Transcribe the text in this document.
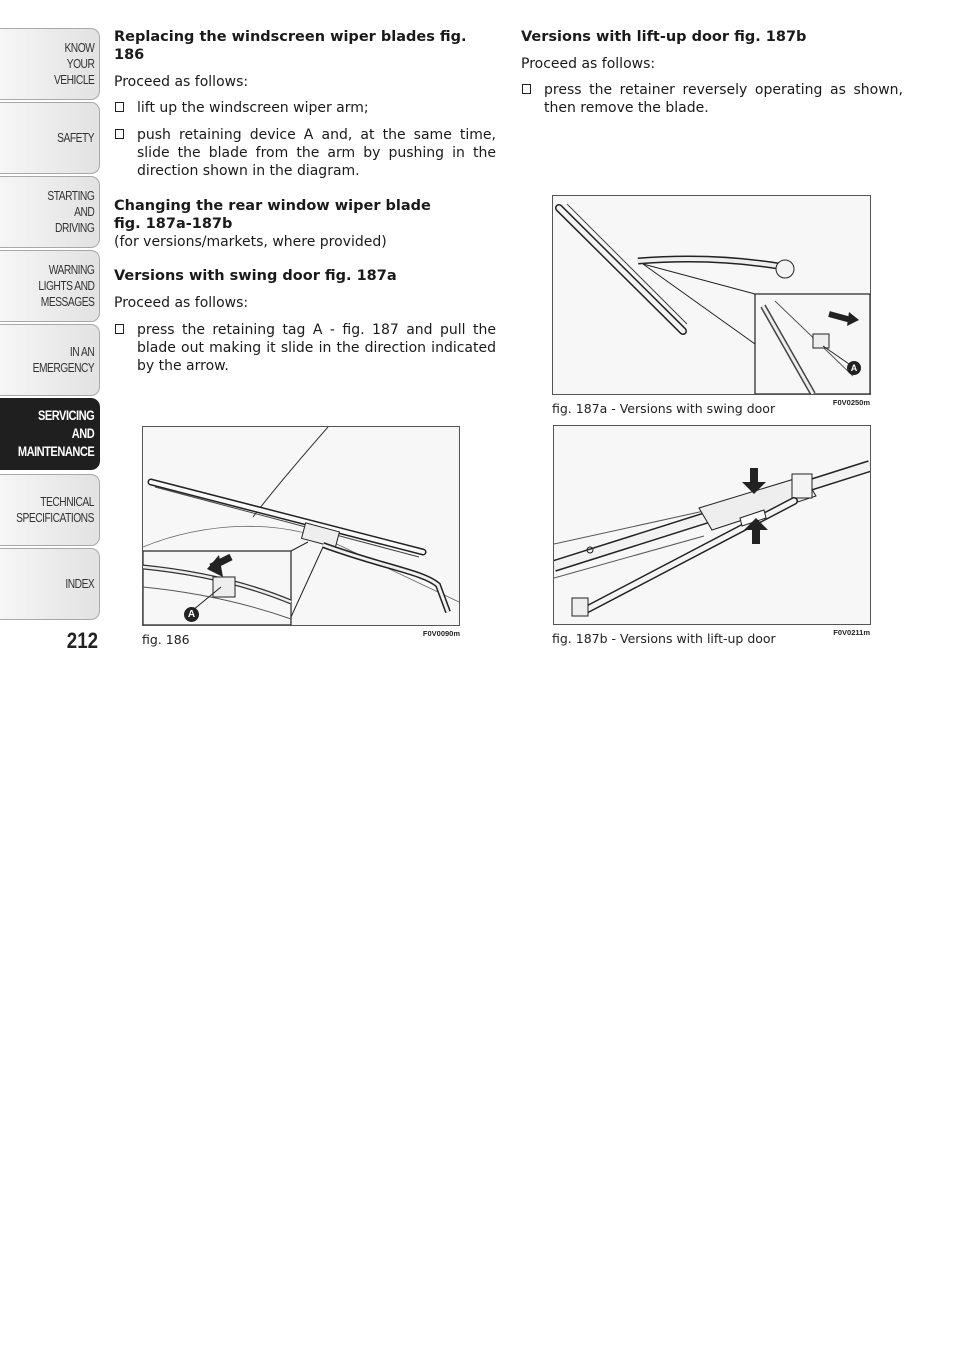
KNOW
YOUR
VEHICLE
SAFETY
STARTING
AND
DRIVING
WARNING
LIGHTS AND
MESSAGES
IN AN
EMERGENCY
SERVICING
AND
MAINTENANCE
TECHNICAL
SPECIFICATIONS
INDEX
212
Replacing the windscreen wiper blades fig. 186

Proceed as follows:

lift up the windscreen wiper arm;
push retaining device A and, at the same time, slide the blade from the arm by pushing in the direction shown in the diagram.
Changing the rear window wiper blade
fig. 187a-187b

(for versions/markets, where provided)

Versions with swing door fig. 187a

Proceed as follows:

press the retaining tag A - fig. 187 and pull the blade out making it slide in the direction indicated by the arrow.
Versions with lift-up door fig. 187b

Proceed as follows:

press the retainer reversely operating as shown, then remove the blade.
A
fig. 186	F0V0090m
A
fig. 187a - Versions with swing door	F0V0250m
fig. 187b - Versions with lift-up door	F0V0211m
